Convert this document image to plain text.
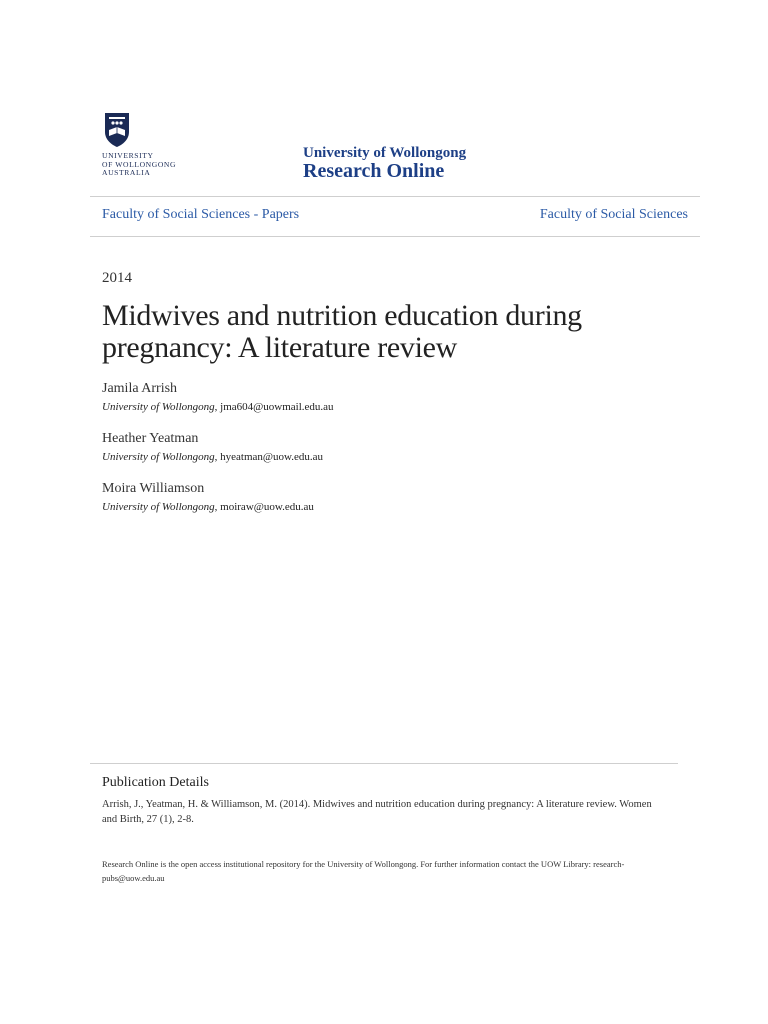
UNIVERSITY
OF WOLLONGONG
AUSTRALIA
University of Wollongong
Research Online
Faculty of Social Sciences - Papers	Faculty of Social Sciences
2014
Midwives and nutrition education during pregnancy: A literature review
Jamila Arrish
University of Wollongong, jma604@uowmail.edu.au
Heather Yeatman
University of Wollongong, hyeatman@uow.edu.au
Moira Williamson
University of Wollongong, moiraw@uow.edu.au
Publication Details
Arrish, J., Yeatman, H. & Williamson, M. (2014). Midwives and nutrition education during pregnancy: A literature review. Women and Birth, 27 (1), 2-8.
Research Online is the open access institutional repository for the University of Wollongong. For further information contact the UOW Library: research-pubs@uow.edu.au
